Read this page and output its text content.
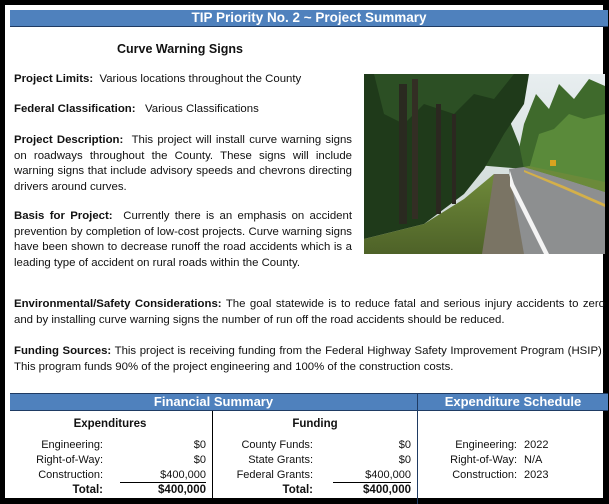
TIP Priority No. 2 ~ Project Summary
Curve Warning Signs
Project Limits: Various locations throughout the County
Federal Classification: Various Classifications
Project Description: This project will install curve warning signs on roadways throughout the County. These signs will include warning signs that include advisory speeds and chevrons directing drivers around curves.
Basis for Project: Currently there is an emphasis on accident prevention by completion of low-cost projects. Curve warning signs have been shown to decrease runoff the road accidents which is a leading type of accident on rural roads within the County.
Environmental/Safety Considerations: The goal statewide is to reduce fatal and serious injury accidents to zero and by installing curve warning signs the number of run off the road accidents should be reduced.
Funding Sources: This project is receiving funding from the Federal Highway Safety Improvement Program (HSIP). This program funds 90% of the project engineering and 100% of the construction costs.
Financial Summary	Expenditure Schedule
Expenditures
Engineering:	$0
Right-of-Way:	$0
Construction:	$400,000
Total:	$400,000
Funding
County Funds:	$0
State Grants:	$0
Federal Grants:	$400,000
Total:	$400,000
Engineering: 2022
Right-of-Way: N/A
Construction: 2023
